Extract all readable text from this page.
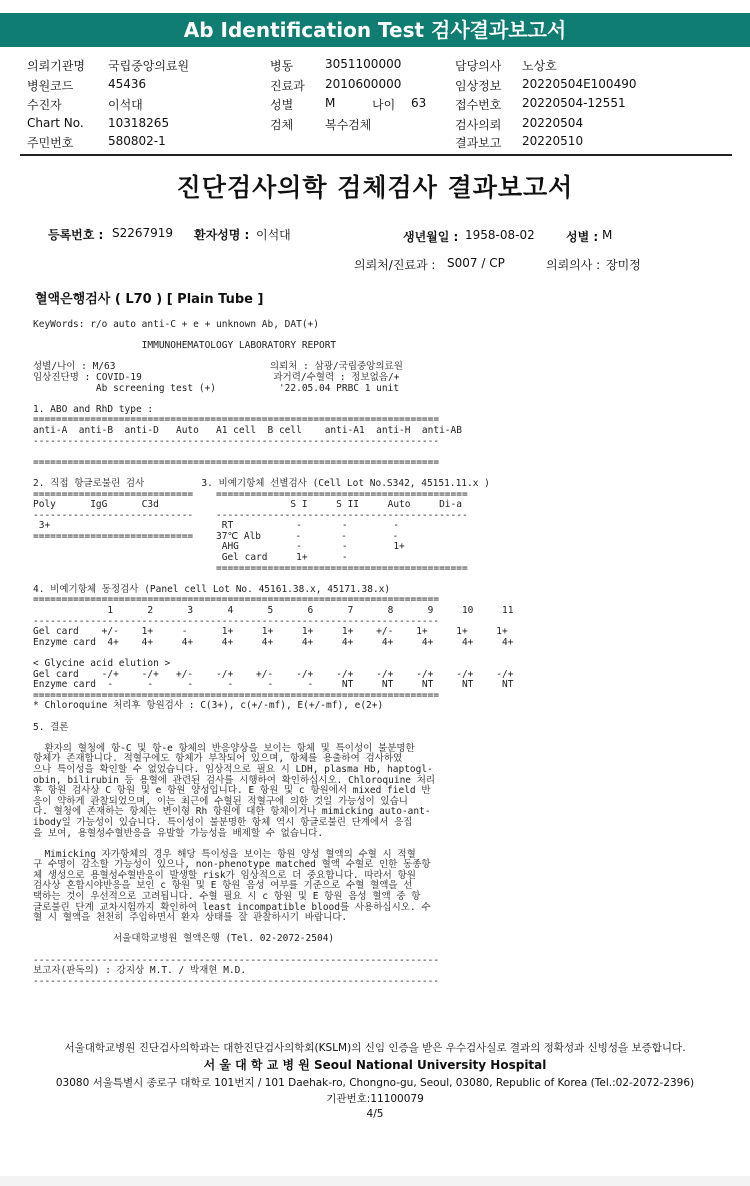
Ab Identification Test 검사결과보고서
의뢰기관명 국립중앙의료원
병원코드	45436
수진자	이석대
Chart No. 10318265
주민번호	580802-1
병동	3051100000
진료과 2010600000
성별	M	나이 63
검체	복수검체
담당의사 노상호
임상정보 20220504E100490
접수번호 20220504-12551
검사의뢰 20220504
결과보고 20220510
진단검사의학 검체검사 결과보고서
등록번호 : S2267919 환자성명 : 이석대	생년월일 : 1958-08-02	성별 : M
의뢰처/진료과 : S007 / CP	의뢰의사 : 장미정
혈액은행검사 ( L70 ) [ Plain Tube ]
KeyWords: r/o auto anti-C + e + unknown Ab, DAT(+)

IMMUNOHEMATOLOGY LABORATORY REPORT

성별/나이 : M/63                           의뢰처 : 삼광/국립중앙의료원
임상진단명 : COVID-19                       과거력/수혈력 : 정보없음/+
Ab screening test (+)           '22.05.04 PRBC 1 unit

1. ABO and RhD type :
=======================================================================
anti-A  anti-B  anti-D   Auto   A1 cell  B cell    anti-A1  anti-H  anti-AB
-----------------------------------------------------------------------

=======================================================================

2. 직접 항글로불린 검사          3. 비예기항체 선별검사 (Cell Lot No.S342, 45151.11.x )
============================    ============================================
Poly      IgG      C3d                       S I     S II     Auto     Di-a
----------------------------    --------------------------------------------
3+                              RT           -       -        -
============================    37℃ Alb      -       -        -
AHG          -       -        1+
Gel card     1+      -
============================================

4. 비예기항체 동정검사 (Panel cell Lot No. 45161.38.x, 45171.38.x)
=======================================================================
1      2      3      4      5      6      7      8      9     10     11
-----------------------------------------------------------------------
Gel card    +/-    1+     -      1+     1+     1+     1+    +/-    1+     1+     1+
Enzyme card  4+    4+     4+     4+     4+     4+     4+     4+     4+     4+     4+

< Glycine acid elution >
Gel card    -/+    -/+   +/-    -/+    +/-    -/+    -/+    -/+    -/+    -/+    -/+
Enzyme card  -      -      -      -      -      -     NT     NT     NT     NT     NT
=======================================================================
* Chloroquine 처리후 항원검사 : C(3+), c(+/-mf), E(+/-mf), e(2+)

5. 결론

환자의 혈청에 항-C 및 항-e 항체의 반응양상을 보이는 항체 및 특이성이 불분명한
항체가 존재합니다. 적혈구에도 항체가 부착되어 있으며, 항체를 용출하여 검사하였
으나 특이성을 확인할 수 없었습니다. 임상적으로 필요 시 LDH, plasma Hb, haptogl-
obin, bilirubin 등 용혈에 관련된 검사를 시행하여 확인하십시오. Chloroquine 처리
후 항원 검사상 C 항원 및 e 항원 양성입니다. E 항원 및 c 항원에서 mixed field 반
응이 약하게 관찰되었으며, 이는 최근에 수혈된 적혈구에 의한 것일 가능성이 있습니
다. 혈청에 존재하는 항체는 변이형 Rh 항원에 대한 항체이거나 mimicking auto-ant-
ibody일 가능성이 있습니다. 특이성이 불분명한 항체 역시 항글로불린 단계에서 응집
을 보여, 용혈성수혈반응을 유발할 가능성을 배제할 수 없습니다.

Mimicking 자가항체의 경우 해당 특이성을 보이는 항원 양성 혈액의 수혈 시 적혈
구 수명이 감소할 가능성이 있으나, non-phenotype matched 혈액 수혈로 인한 동종항
체 생성으로 용혈성수혈반응이 발생할 risk가 임상적으로 더 중요합니다. 따라서 항원
검사상 혼합시야반응을 보인 c 항원 및 E 항원 음성 여부를 기준으로 수혈 혈액을 선
택하는 것이 우선적으로 고려됩니다. 수혈 필요 시 c 항원 및 E 항원 음성 혈액 중 항
글로불린 단계 교차시험까지 확인하여 least incompatible blood를 사용하십시오. 수
혈 시 혈액을 천천히 주입하면서 환자 상태를 잘 관찰하시기 바랍니다.

서울대학교병원 혈액은행 (Tel. 02-2072-2504)

-----------------------------------------------------------------------
보고자(판독의) : 강지상 M.T. / 박재현 M.D.
-----------------------------------------------------------------------
서울대학교병원 진단검사의학과는 대한진단검사의학회(KSLM)의 신임 인증을 받은 우수검사실로 결과의 정확성과 신빙성을 보증합니다.
서 울 대 학 교 병 원 Seoul National University Hospital
03080 서울특별시 종로구 대학로 101번지 / 101 Daehak-ro, Chongno-gu, Seoul, 03080, Republic of Korea (Tel.:02-2072-2396)
기관번호:11100079
4/5
